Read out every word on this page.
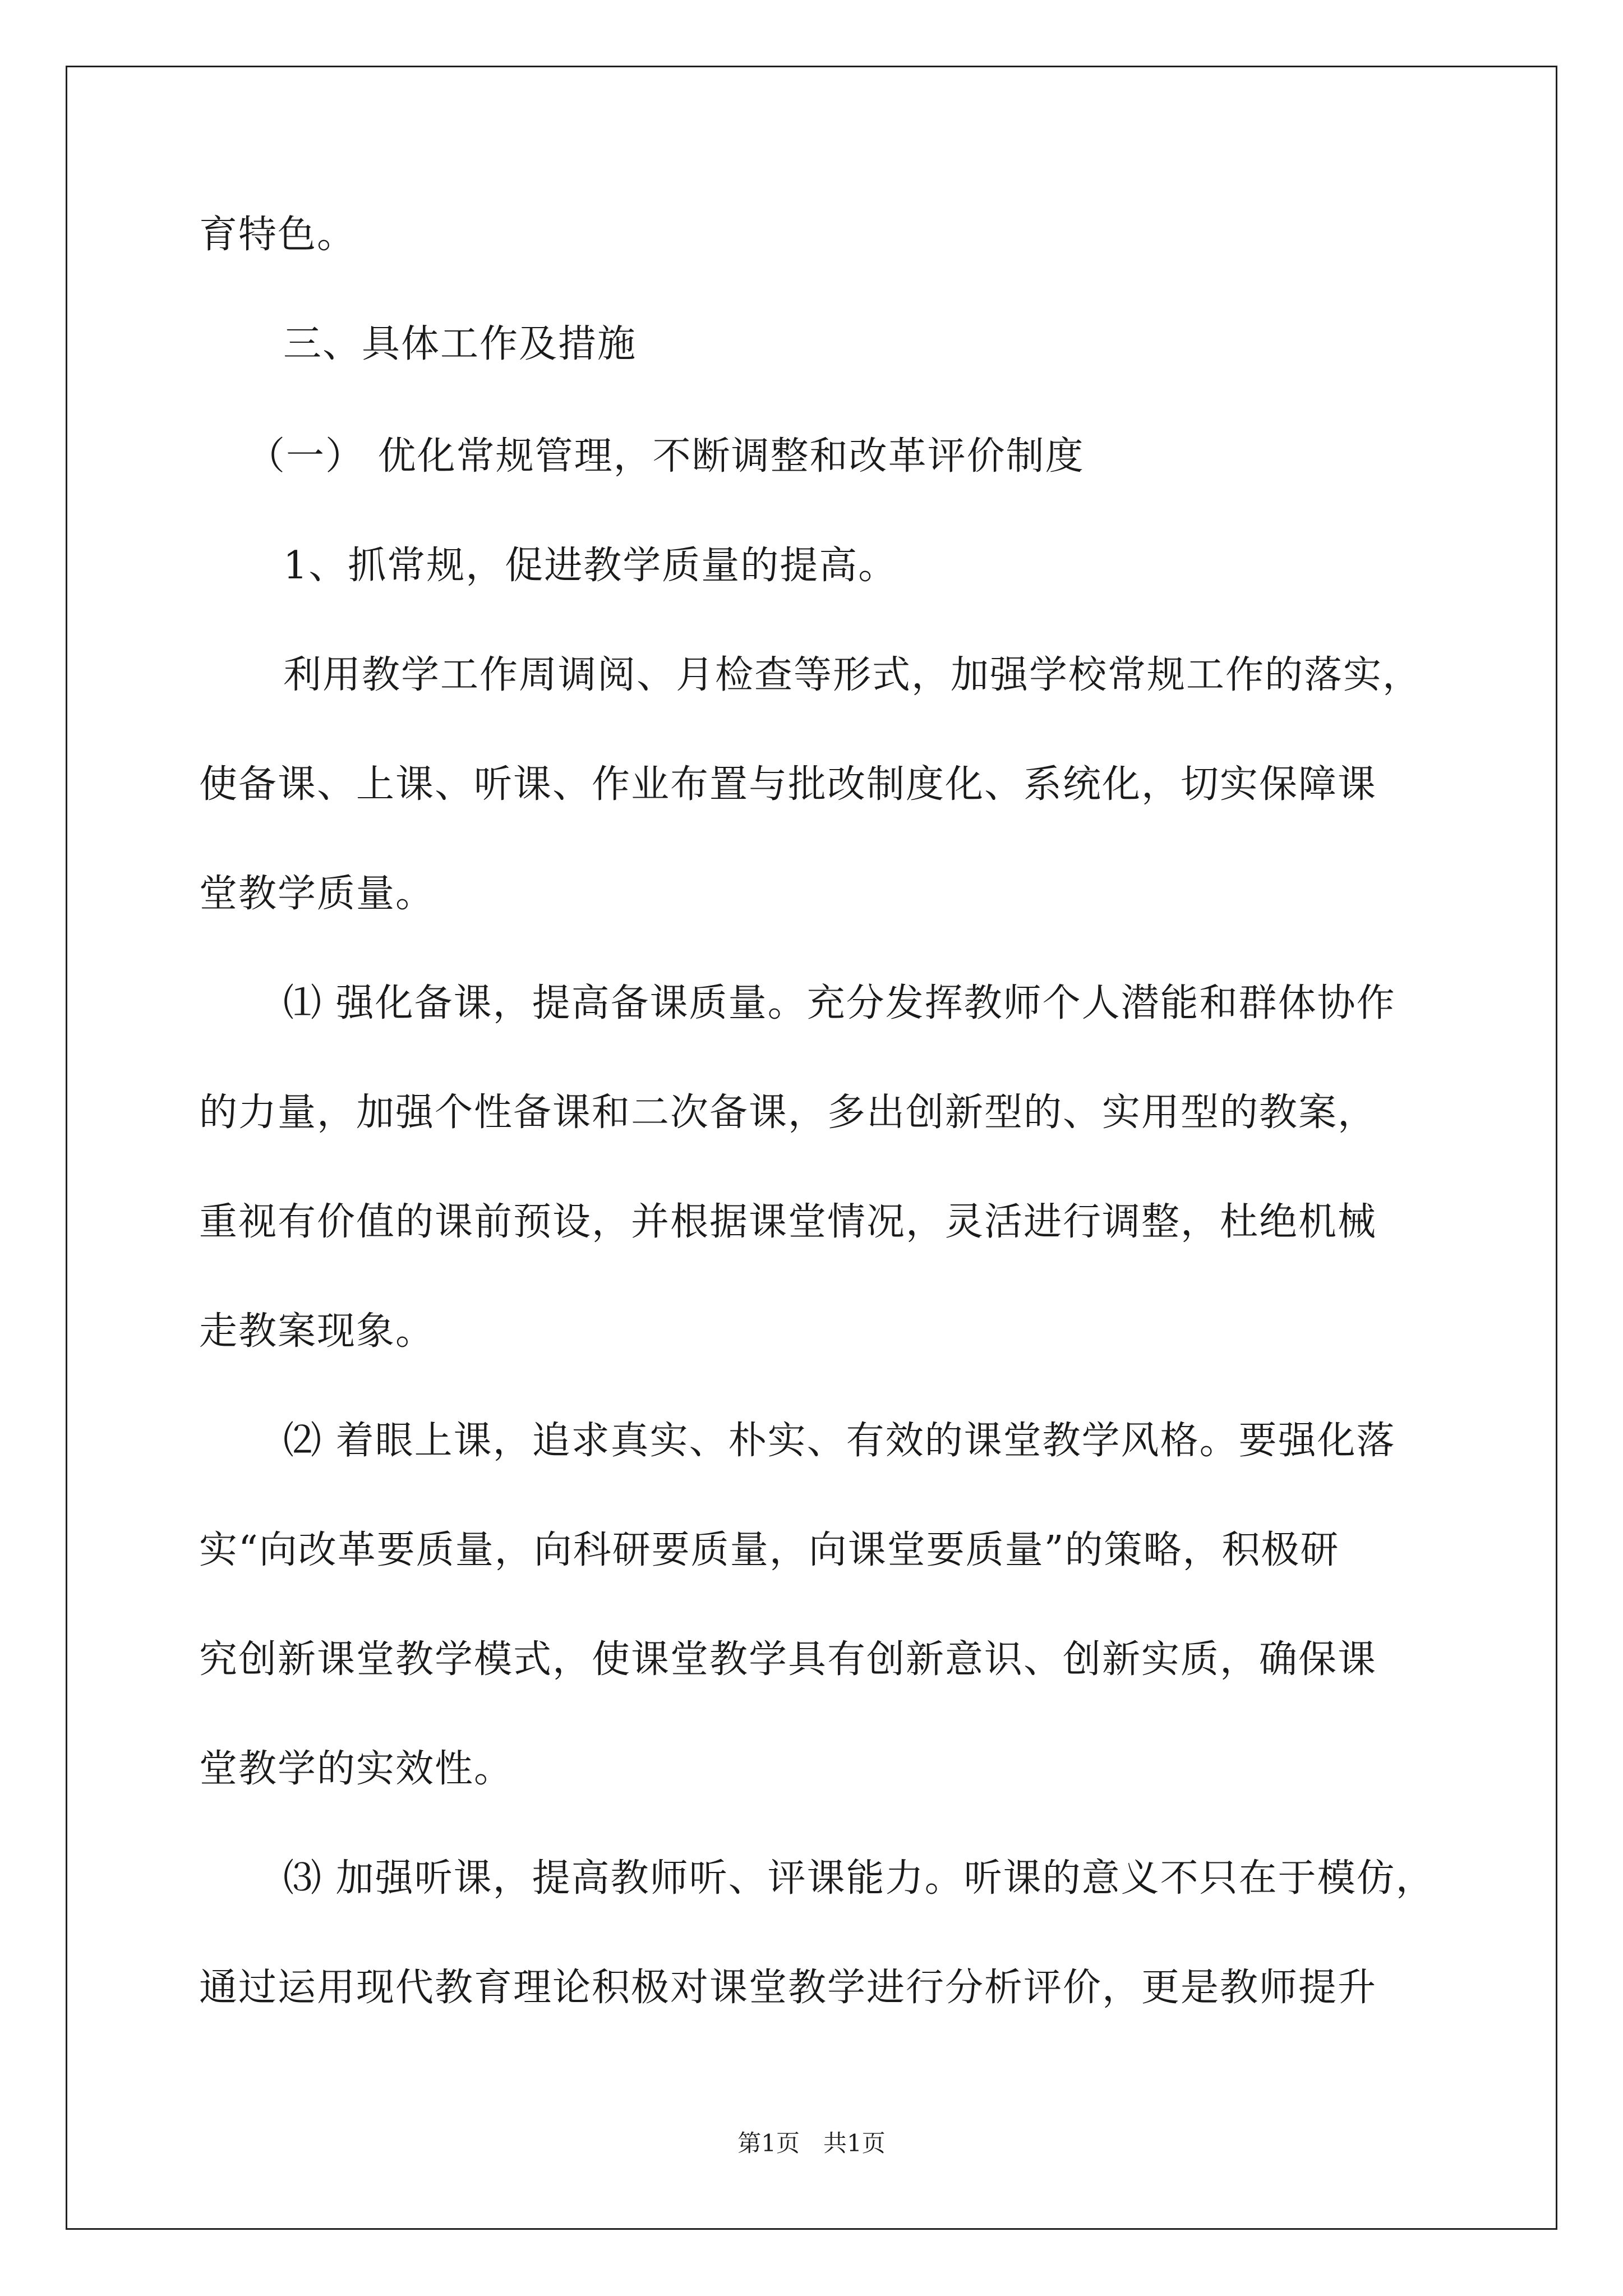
育特色。
三、具体工作及措施
（一） 优化常规管理，不断调整和改革评价制度
1、抓常规，促进教学质量的提高。
利用教学工作周调阅、月检查等形式，加强学校常规工作的落实，
使备课、上课、听课、作业布置与批改制度化、系统化，切实保障课
堂教学质量。
⑴ 强化备课，提高备课质量。充分发挥教师个人潜能和群体协作
的力量，加强个性备课和二次备课，多出创新型的、实用型的教案，
重视有价值的课前预设，并根据课堂情况，灵活进行调整，杜绝机械
走教案现象。
⑵ 着眼上课，追求真实、朴实、有效的课堂教学风格。要强化落
实“向改革要质量，向科研要质量，向课堂要质量”的策略，积极研
究创新课堂教学模式，使课堂教学具有创新意识、创新实质，确保课
堂教学的实效性。
⑶ 加强听课，提高教师听、评课能力。听课的意义不只在于模仿，
通过运用现代教育理论积极对课堂教学进行分析评价，更是教师提升
第1页　共1页
